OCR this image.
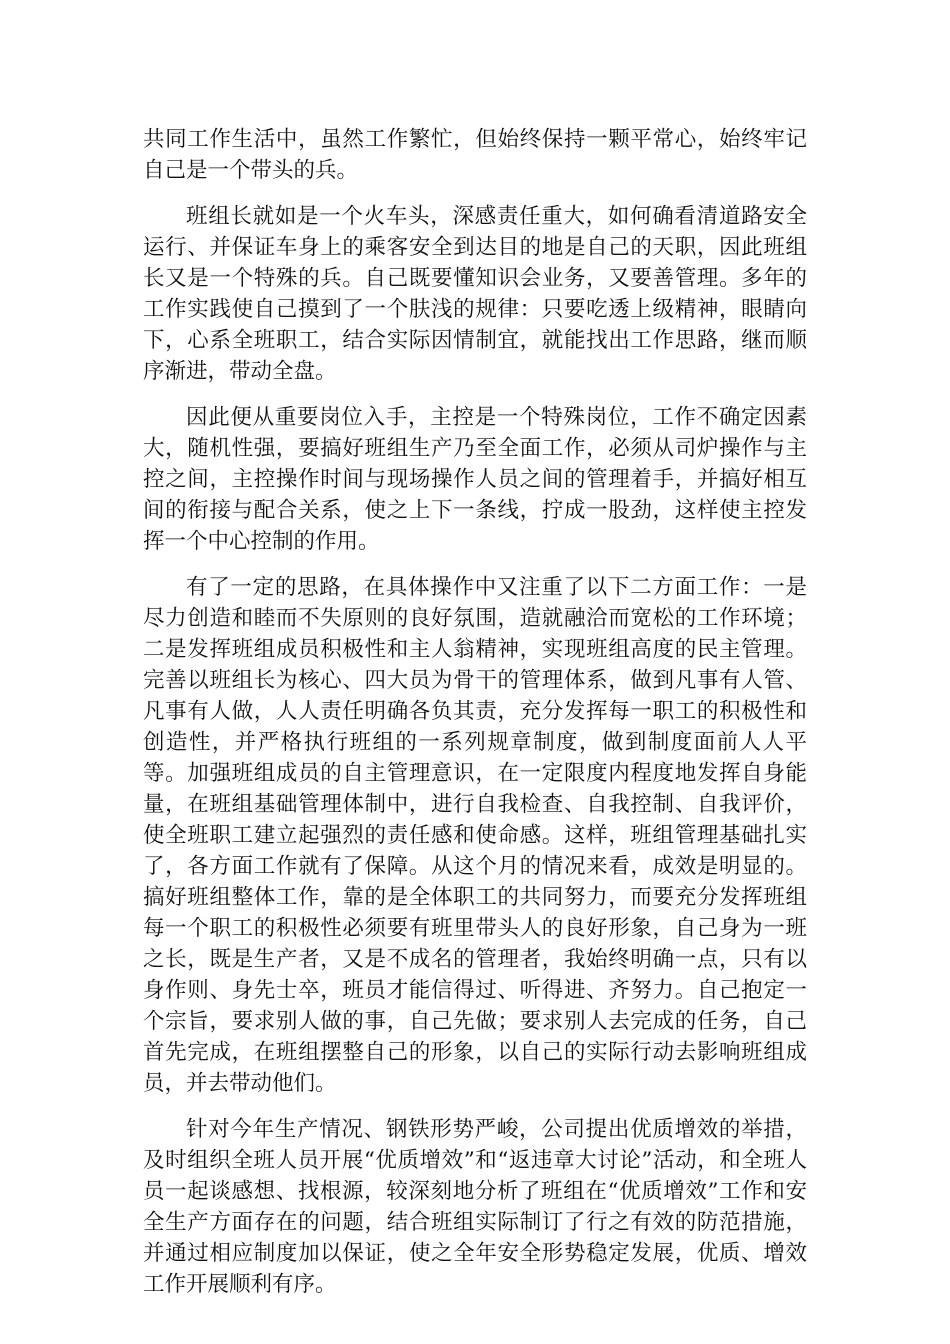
共同工作生活中，虽然工作繁忙，但始终保持一颗平常心，始终牢记自己是一个带头的兵。

班组长就如是一个火车头，深感责任重大，如何确看清道路安全运行、并保证车身上的乘客安全到达目的地是自己的天职，因此班组长又是一个特殊的兵。自己既要懂知识会业务，又要善管理。多年的工作实践使自己摸到了一个肤浅的规律：只要吃透上级精神，眼睛向下，心系全班职工，结合实际因情制宜，就能找出工作思路，继而顺序渐进，带动全盘。

因此便从重要岗位入手，主控是一个特殊岗位，工作不确定因素大，随机性强，要搞好班组生产乃至全面工作，必须从司炉操作与主控之间，主控操作时间与现场操作人员之间的管理着手，并搞好相互间的衔接与配合关系，使之上下一条线，拧成一股劲，这样使主控发挥一个中心控制的作用。

有了一定的思路，在具体操作中又注重了以下二方面工作：一是尽力创造和睦而不失原则的良好氛围，造就融洽而宽松的工作环境；二是发挥班组成员积极性和主人翁精神，实现班组高度的民主管理。完善以班组长为核心、四大员为骨干的管理体系，做到凡事有人管、凡事有人做，人人责任明确各负其责，充分发挥每一职工的积极性和创造性，并严格执行班组的一系列规章制度，做到制度面前人人平等。加强班组成员的自主管理意识，在一定限度内程度地发挥自身能量，在班组基础管理体制中，进行自我检查、自我控制、自我评价，使全班职工建立起强烈的责任感和使命感。这样，班组管理基础扎实了，各方面工作就有了保障。从这个月的情况来看，成效是明显的。搞好班组整体工作，靠的是全体职工的共同努力，而要充分发挥班组每一个职工的积极性必须要有班里带头人的良好形象，自己身为一班之长，既是生产者，又是不成名的管理者，我始终明确一点，只有以身作则、身先士卒，班员才能信得过、听得进、齐努力。自己抱定一个宗旨，要求别人做的事，自己先做；要求别人去完成的任务，自己首先完成，在班组摆整自己的形象，以自己的实际行动去影响班组成员，并去带动他们。

针对今年生产情况、钢铁形势严峻，公司提出优质增效的举措，及时组织全班人员开展“优质增效”和“返违章大讨论”活动，和全班人员一起谈感想、找根源，较深刻地分析了班组在“优质增效”工作和安全生产方面存在的问题，结合班组实际制订了行之有效的防范措施，并通过相应制度加以保证，使之全年安全形势稳定发展，优质、增效工作开展顺利有序。
